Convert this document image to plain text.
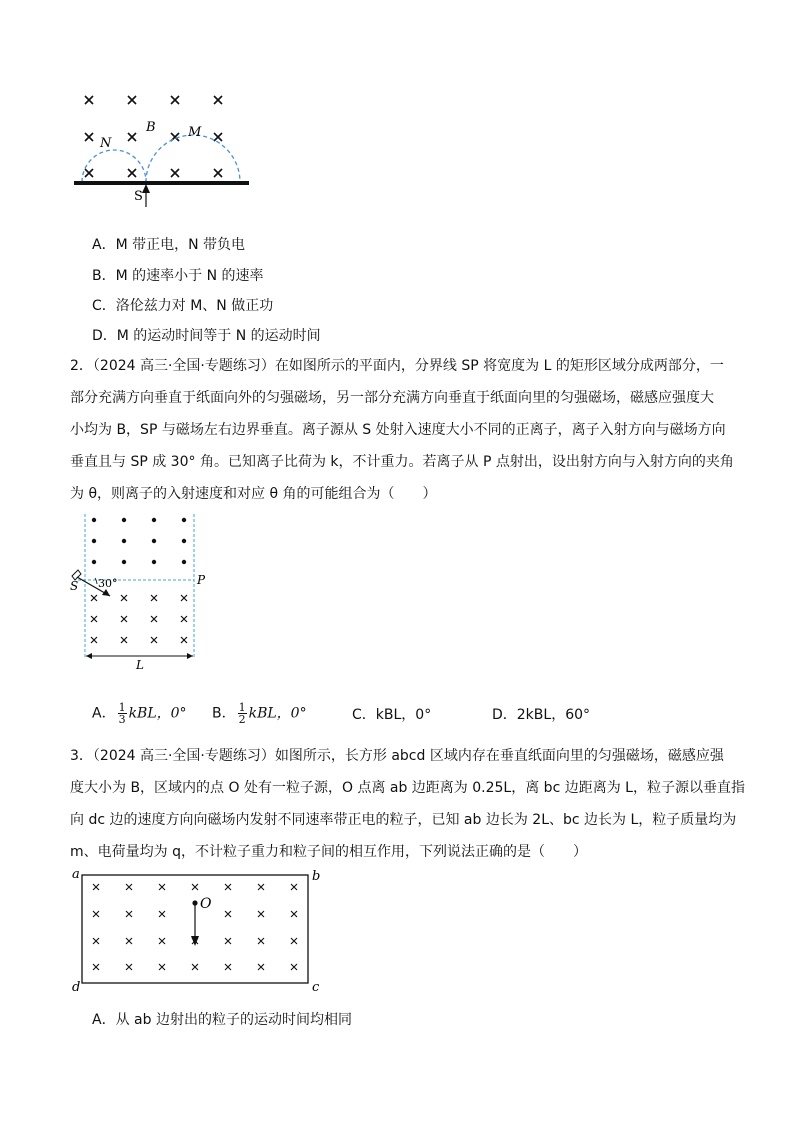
N
B M
S
A．M 带正电，N 带负电
B．M 的速率小于 N 的速率
C．洛伦兹力对 M、N 做正功
D．M 的运动时间等于 N 的运动时间
2．（2024 高三·全国·专题练习）在如图所示的平面内，分界线 SP 将宽度为 L 的矩形区域分成两部分，一
部分充满方向垂直于纸面向外的匀强磁场，另一部分充满方向垂直于纸面向里的匀强磁场，磁感应强度大
小均为 B，SP 与磁场左右边界垂直。离子源从 S 处射入速度大小不同的正离子，离子入射方向与磁场方向
垂直且与 SP 成 30° 角。已知离子比荷为 k，不计重力。若离子从 P 点射出，设出射方向与入射方向的夹角
为 θ，则离子的入射速度和对应 θ 角的可能组合为（　　）
30°
S	P
L
A． $\frac{1}{3}$ kBL，0° B． $\frac{1}{2}$ kBL，0°	C．kBL，0°	D．2kBL，60°
3．（2024 高三·全国·专题练习）如图所示，长方形 abcd 区域内存在垂直纸面向里的匀强磁场，磁感应强
度大小为 B，区域内的点 O 处有一粒子源，O 点离 ab 边距离为 0.25L，离 bc 边距离为 L，粒子源以垂直指
向 dc 边的速度方向向磁场内发射不同速率带正电的粒子，已知 ab 边长为 2L、bc 边长为 L，粒子质量均为
m、电荷量均为 q，不计粒子重力和粒子间的相互作用，下列说法正确的是（　　）
O
a	b
c
d
A．从 ab 边射出的粒子的运动时间均相同
